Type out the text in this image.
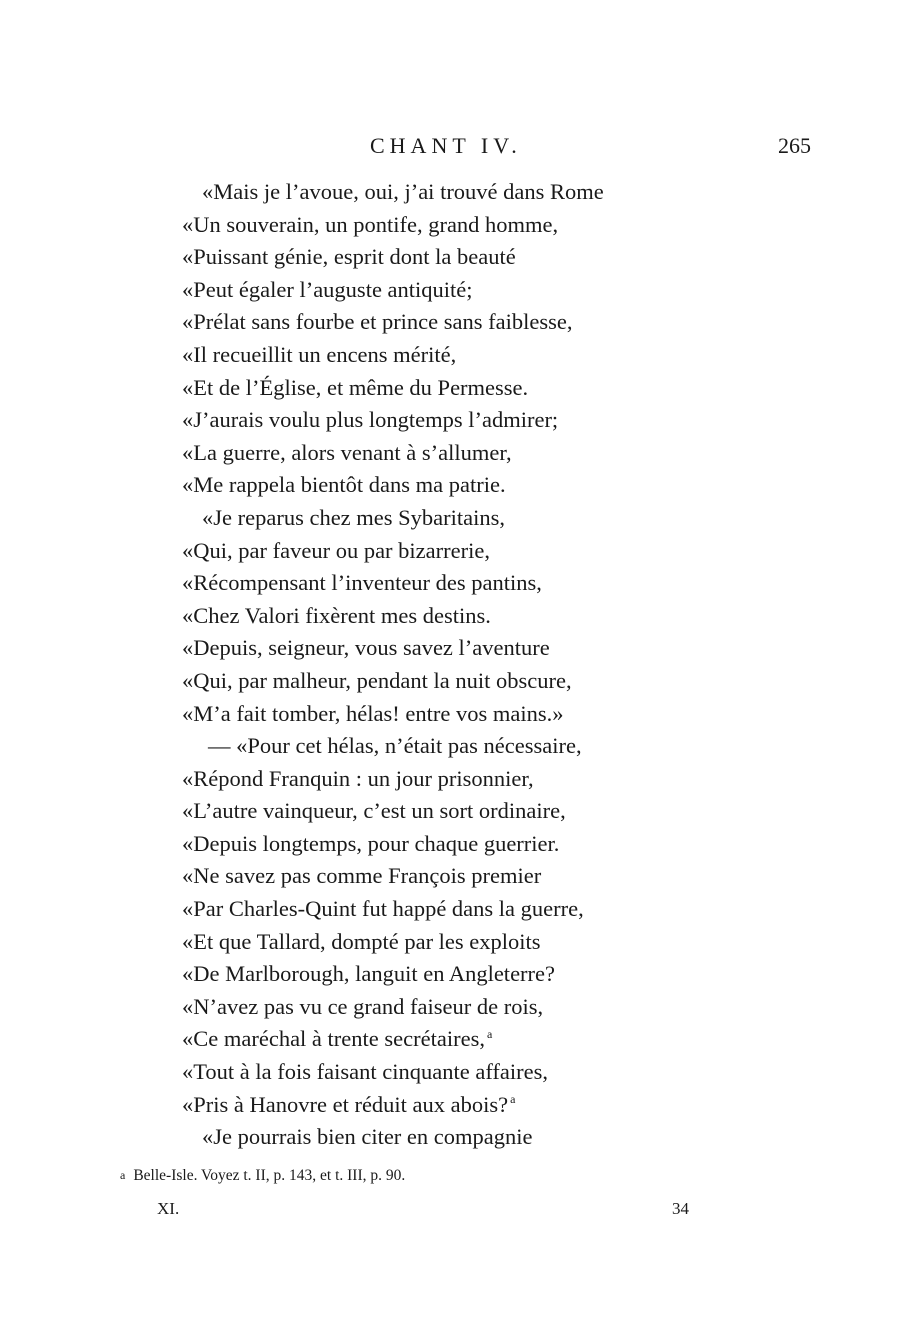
CHANT IV.	265
«Mais je l’avoue, oui, j’ai trouvé dans Rome
«Un souverain, un pontife, grand homme,
«Puissant génie, esprit dont la beauté
«Peut égaler l’auguste antiquité;
«Prélat sans fourbe et prince sans faiblesse,
«Il recueillit un encens mérité,
«Et de l’Église, et même du Permesse.
«J’aurais voulu plus longtemps l’admirer;
«La guerre, alors venant à s’allumer,
«Me rappela bientôt dans ma patrie.
«Je reparus chez mes Sybaritains,
«Qui, par faveur ou par bizarrerie,
«Récompensant l’inventeur des pantins,
«Chez Valori fixèrent mes destins.
«Depuis, seigneur, vous savez l’aventure
«Qui, par malheur, pendant la nuit obscure,
«M’a fait tomber, hélas! entre vos mains.»
— «Pour cet hélas, n’était pas nécessaire,
«Répond Franquin : un jour prisonnier,
«L’autre vainqueur, c’est un sort ordinaire,
«Depuis longtemps, pour chaque guerrier.
«Ne savez pas comme François premier
«Par Charles-Quint fut happé dans la guerre,
«Et que Tallard, dompté par les exploits
«De Marlborough, languit en Angleterre?
«N’avez pas vu ce grand faiseur de rois,
«Ce maréchal à trente secrétaires, $^a$
«Tout à la fois faisant cinquante affaires,
«Pris à Hanovre et réduit aux abois? $^a$
«Je pourrais bien citer en compagnie
a Belle-Isle. Voyez t. II, p. 143, et t. III, p. 90.
XI.	34
